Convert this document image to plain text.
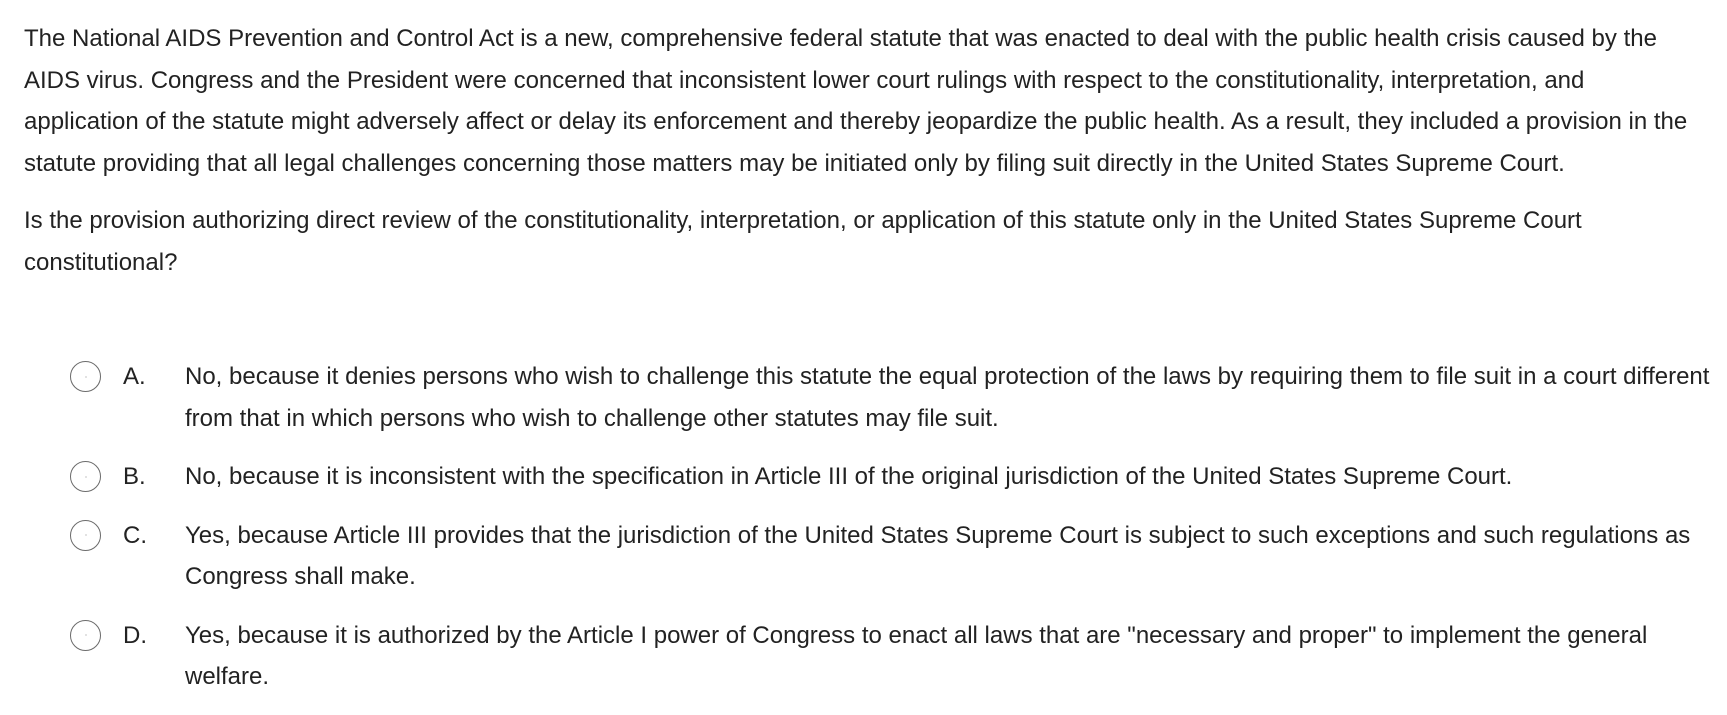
The National AIDS Prevention and Control Act is a new, comprehensive federal statute that was enacted to deal with the public health crisis caused by the AIDS virus. Congress and the President were concerned that inconsistent lower court rulings with respect to the constitutionality, interpretation, and application of the statute might adversely affect or delay its enforcement and thereby jeopardize the public health. As a result, they included a provision in the statute providing that all legal challenges concerning those matters may be initiated only by filing suit directly in the United States Supreme Court.

Is the provision authorizing direct review of the constitutionality, interpretation, or application of this statute only in the United States Supreme Court constitutional?

A.	No, because it denies persons who wish to challenge this statute the equal protection of the laws by requiring them to file suit in a court different from that in which persons who wish to challenge other statutes may file suit.
B.	No, because it is inconsistent with the specification in Article III of the original jurisdiction of the United States Supreme Court.
C.	Yes, because Article III provides that the jurisdiction of the United States Supreme Court is subject to such exceptions and such regulations as Congress shall make.
D.	Yes, because it is authorized by the Article I power of Congress to enact all laws that are "necessary and proper" to implement the general welfare.
